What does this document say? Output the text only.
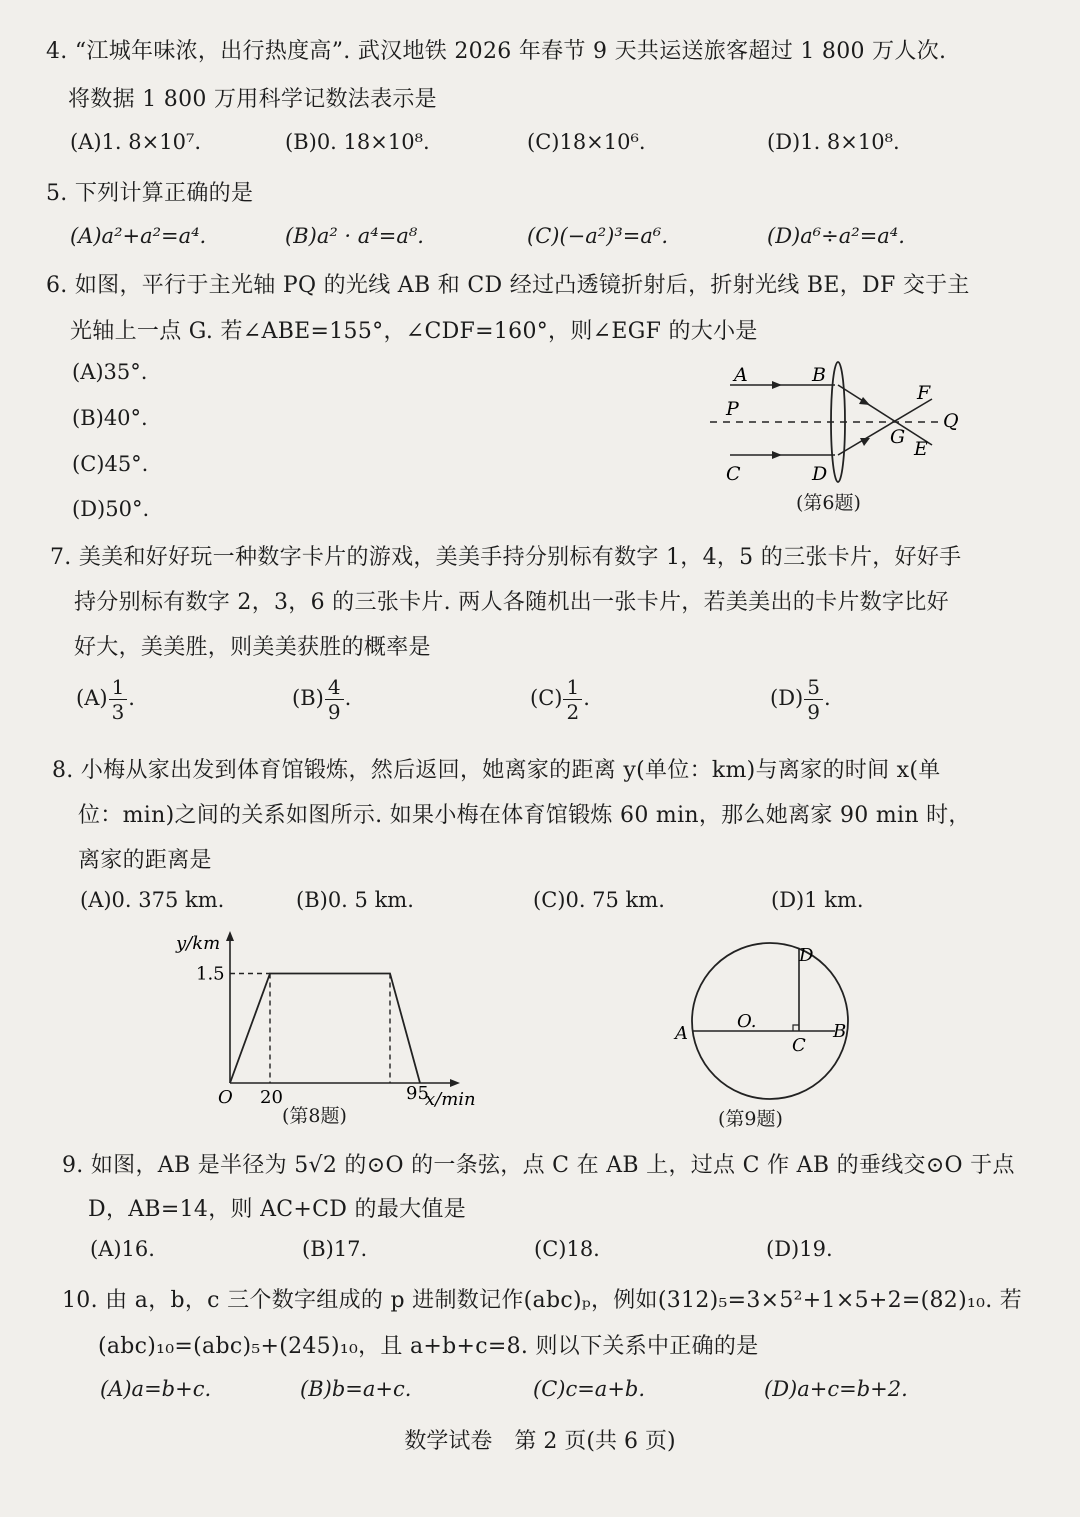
4. “江城年味浓，出行热度高”. 武汉地铁 2026 年春节 9 天共运送旅客超过 1 800 万人次.
将数据 1 800 万用科学记数法表示是
(A)1. 8×10⁷.	(B)0. 18×10⁸.	(C)18×10⁶.	(D)1. 8×10⁸.
5. 下列计算正确的是
(A)a²+a²=a⁴.	(B)a² · a⁴=a⁸.	(C)(−a²)³=a⁶.	(D)a⁶÷a²=a⁴.
6. 如图，平行于主光轴 PQ 的光线 AB 和 CD 经过凸透镜折射后，折射光线 BE，DF 交于主
光轴上一点 G. 若∠ABE=155°，∠CDF=160°，则∠EGF 的大小是
(A)35°.
(B)40°.
(C)45°.
(D)50°.
A	B
P
C	D
F
G
E
Q
(第6题)
7. 美美和好好玩一种数字卡片的游戏，美美手持分别标有数字 1，4，5 的三张卡片，好好手
持分别标有数字 2，3，6 的三张卡片. 两人各随机出一张卡片，若美美出的卡片数字比好
好大，美美胜，则美美获胜的概率是
$(A) \frac{1}{3}$ .	$(B) \frac{4}{9}$ .	$(C) \frac{1}{2}$ .	$(D) \frac{5}{9}$ .
8. 小梅从家出发到体育馆锻炼，然后返回，她离家的距离 y(单位：km)与离家的时间 x(单
位：min)之间的关系如图所示. 如果小梅在体育馆锻炼 60 min，那么她离家 90 min 时，
离家的距离是
(A)0. 375 km.	(B)0. 5 km.	(C)0. 75 km.	(D)1 km.
y/km
x/min
O
1.5
20	95
(第8题)
A	B
C
D
O.
(第9题)
9. 如图，AB 是半径为 5√2 的⊙O 的一条弦，点 C 在 AB 上，过点 C 作 AB 的垂线交⊙O 于点
D，AB=14，则 AC+CD 的最大值是
(A)16.	(B)17.	(C)18.	(D)19.
10. 由 a，b，c 三个数字组成的 p 进制数记作(abc)ₚ，例如(312)₅=3×5²+1×5+2=(82)₁₀. 若
(abc)₁₀=(abc)₅+(245)₁₀，且 a+b+c=8. 则以下关系中正确的是
(A)a=b+c.	(B)b=a+c.	(C)c=a+b.	(D)a+c=b+2.
数学试卷　第 2 页(共 6 页)
